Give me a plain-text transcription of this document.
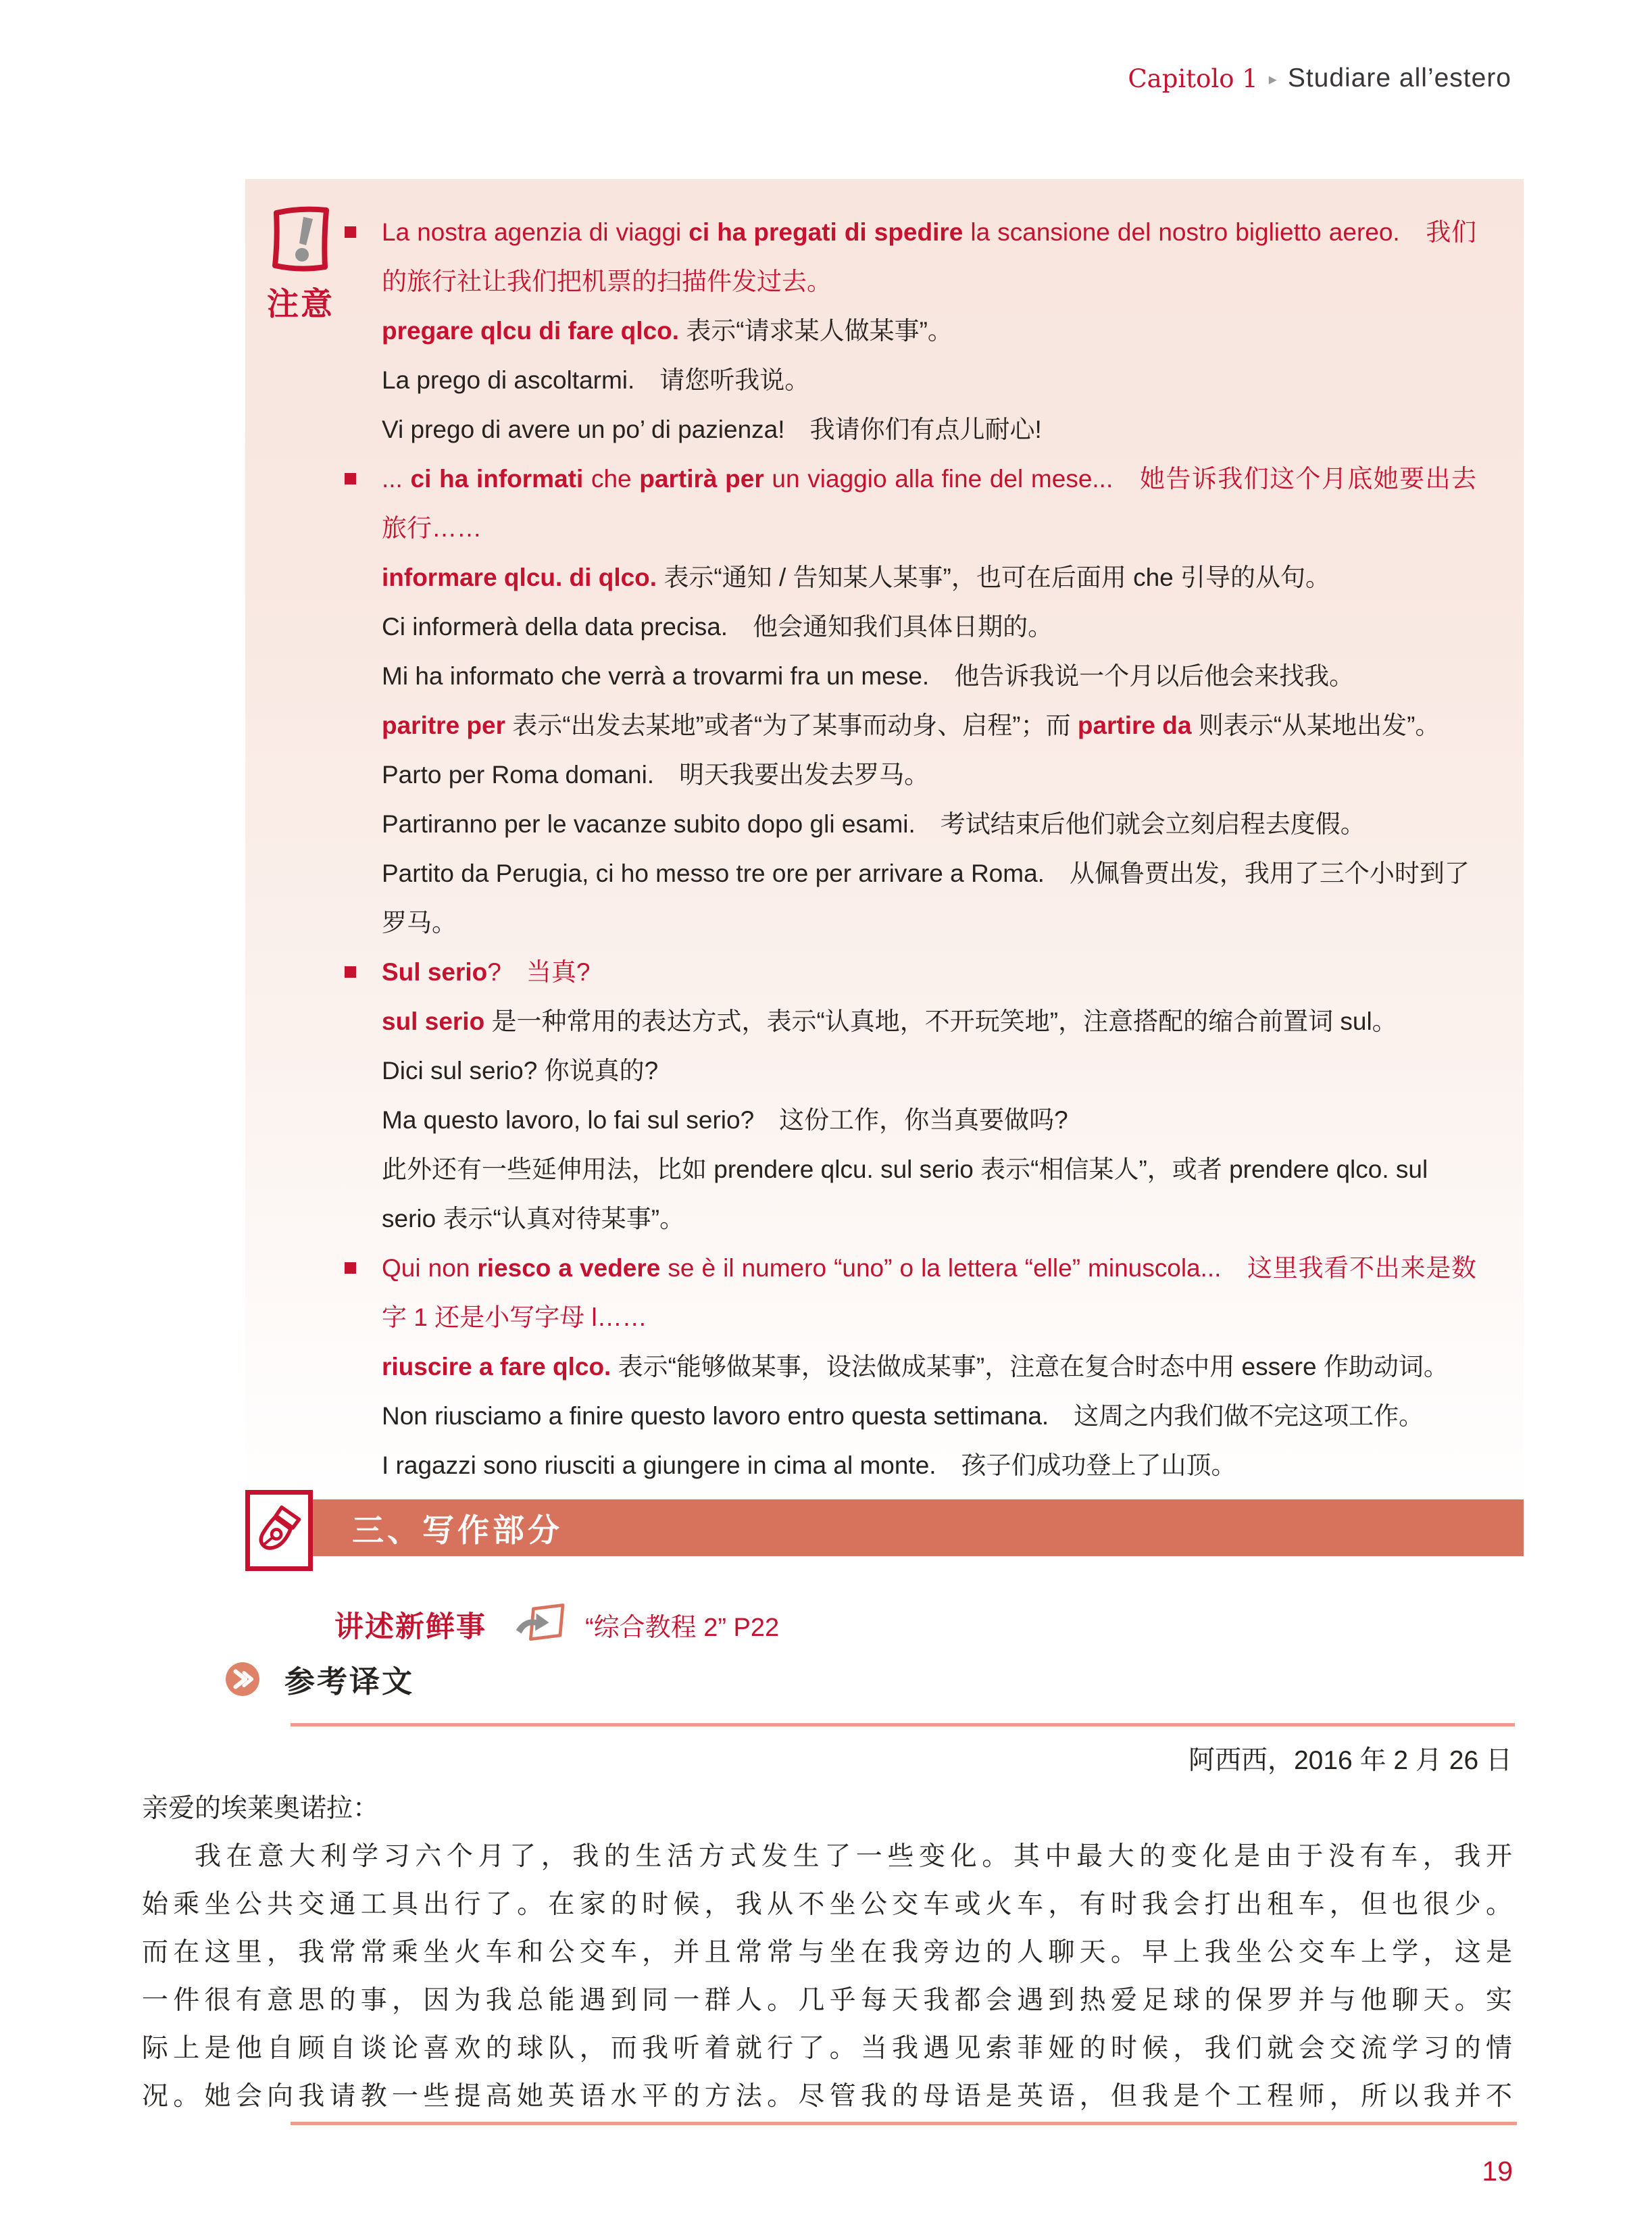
Capitolo 1 ▸ Studiare all’estero
注意
La nostra agenzia di viaggi ci ha pregati di spedire la scansione del nostro biglietto aereo.　我们的旅行社让我们把机票的扫描件发过去。
pregare qlcu di fare qlco. 表示“请求某人做某事”。
La prego di ascoltarmi.　请您听我说。
Vi prego di avere un po’ di pazienza!　我请你们有点儿耐心!
... ci ha informati che partirà per un viaggio alla fine del mese...　她告诉我们这个月底她要出去旅行……
informare qlcu. di qlco. 表示“通知 / 告知某人某事”，也可在后面用 che 引导的从句。
Ci informerà della data precisa.　他会通知我们具体日期的。
Mi ha informato che verrà a trovarmi fra un mese.　他告诉我说一个月以后他会来找我。
paritre per 表示“出发去某地”或者“为了某事而动身、启程”；而 partire da 则表示“从某地出发”。
Parto per Roma domani.　明天我要出发去罗马。
Partiranno per le vacanze subito dopo gli esami.　考试结束后他们就会立刻启程去度假。
Partito da Perugia, ci ho messo tre ore per arrivare a Roma.　从佩鲁贾出发，我用了三个小时到了罗马。
Sul serio?　当真?
sul serio 是一种常用的表达方式，表示“认真地，不开玩笑地”，注意搭配的缩合前置词 sul。
Dici sul serio? 你说真的?
Ma questo lavoro, lo fai sul serio?　这份工作，你当真要做吗?
此外还有一些延伸用法，比如 prendere qlcu. sul serio 表示“相信某人”，或者 prendere qlco. sul serio 表示“认真对待某事”。
Qui non riesco a vedere se è il numero “uno” o la lettera “elle” minuscola...　这里我看不出来是数字 1 还是小写字母 l……
riuscire a fare qlco. 表示“能够做某事，设法做成某事”，注意在复合时态中用 essere 作助动词。
Non riusciamo a finire questo lavoro entro questa settimana.　这周之内我们做不完这项工作。
I ragazzi sono riusciti a giungere in cima al monte.　孩子们成功登上了山顶。
三、写作部分
讲述新鲜事	“综合教程 2” P22
参考译文
阿西西，2016 年 2 月 26 日
亲爱的埃莱奥诺拉：
我在意大利学习六个月了，我的生活方式发生了一些变化。其中最大的变化是由于没有车，我开
始乘坐公共交通工具出行了。在家的时候，我从不坐公交车或火车，有时我会打出租车，但也很少。
而在这里，我常常乘坐火车和公交车，并且常常与坐在我旁边的人聊天。早上我坐公交车上学，这是
一件很有意思的事，因为我总能遇到同一群人。几乎每天我都会遇到热爱足球的保罗并与他聊天。实
际上是他自顾自谈论喜欢的球队，而我听着就行了。当我遇见索菲娅的时候，我们就会交流学习的情
况。她会向我请教一些提高她英语水平的方法。尽管我的母语是英语，但我是个工程师，所以我并不
19
